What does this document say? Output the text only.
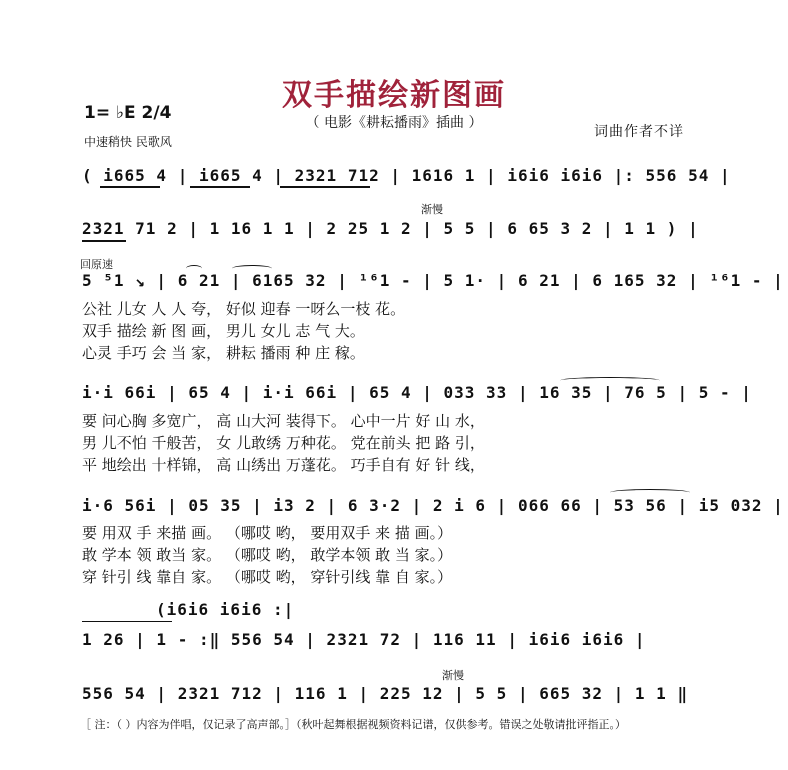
双手描绘新图画
（ 电影《耕耘播雨》插曲 ）
1= ♭E 2/4
中速稍快 民歌风
词曲作者不详
( i665 4 | i665 4 | 2321 712 | 1616 1 | i6i6 i6i6 |: 556 54 |
渐慢
2321 71 2 | 1 16 1 1 | 2 25 1 2 | 5 5 | 6 65 3 2 | 1 1 ) |
回原速
5 ⁵1 ↘ | 6 21 | 6165 32 | ¹⁶1 - | 5 1· | 6 21 | 6 165 32 | ¹⁶1 - |
公社 儿女 人 人 夸， 好似 迎春 一呀么一枝 花。
双手 描绘 新 图 画， 男儿 女儿 志 气 大。
心灵 手巧 会 当 家， 耕耘 播雨 种 庄 稼。
i·i 66i | 65 4 | i·i 66i | 65 4 | 033 33 | 16 35 | 76 5 | 5 - |
要 问心胸 多宽广， 高 山大河 装得下。 心中一片 好 山 水，
男 儿不怕 千般苦， 女 儿敢绣 万种花。 党在前头 把 路 引，
平 地绘出 十样锦， 高 山绣出 万蓬花。 巧手自有 好 针 线，
i·6 56i | 05 35 | i3 2 | 6 3·2 | 2 i 6 | 066 66 | 53 56 | i5 032 |
要 用双 手 来描 画。 （哪哎 哟， 要用双手 来 描 画。）
敢 学本 领 敢当 家。 （哪哎 哟， 敢学本领 敢 当 家。）
穿 针引 线 靠自 家。 （哪哎 哟， 穿针引线 靠 自 家。）
(i6i6 i6i6 :|
1 26 | 1 - :‖ 556 54 | 2321 72 | 116 11 | i6i6 i6i6 |
渐慢
556 54 | 2321 712 | 116 1 | 225 12 | 5 5 | 665 32 | 1 1 ‖
［ 注：（ ）内容为伴唱，仅记录了高声部。］（秋叶起舞根据视频资料记谱，仅供参考。错误之处敬请批评指正。）
